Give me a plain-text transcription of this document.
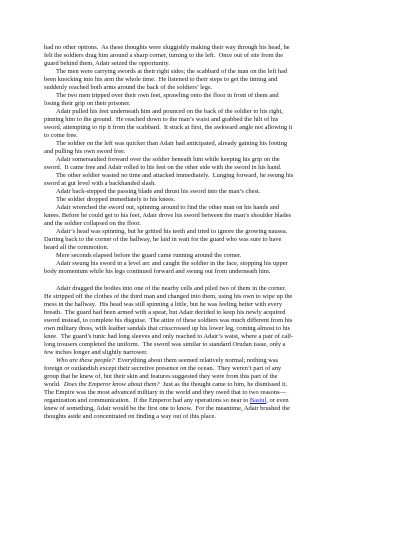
had no other options.  As these thoughts were sluggishly making their way through his head, he

felt the soldiers drag him around a sharp corner, turning to the left.  Once out of site from the

guard behind them, Adair seized the opportunity.

The men were carrying swords at their right sides; the scabbard of the man on the left had

been knocking into his arm the whole time.  He listened to their steps to get the timing and

suddenly reached both arms around the back of the soldiers’ legs.

The two men tripped over their own feet, sprawling onto the floor in front of them and

losing their grip on their prisoner.

Adair pulled his feet underneath him and pounced on the back of the soldier to his right,

pinning him to the ground.  He reached down to the man’s waist and grabbed the hilt of his

sword, attempting to rip it from the scabbard.  It stuck at first, the awkward angle not allowing it

to come free.

The soldier on the left was quicker than Adair had anticipated, already gaining his footing

and pulling his own sword free.

Adair somersaulted forward over the soldier beneath him while keeping his grip on the

sword.  It came free and Adair rolled to his feet on the other side with the sword in his hand.

The other soldier wasted no time and attacked immediately.  Lunging forward, he swung his

sword at gut level with a backhanded slash.

Adair back-stepped the passing blade and thrust his sword into the man’s chest.

The soldier dropped immediately to his knees.

Adair wrenched the sword out, spinning around to find the other man on his hands and

knees. Before he could get to his feet, Adair drove his sword between the man’s shoulder blades

and the soldier collapsed on the floor.

Adair’s head was spinning, but he gritted his teeth and tried to ignore the growing nausea.

Darting back to the corner of the hallway, he laid in wait for the guard who was sure to have

heard all the commotion.

Mere seconds elapsed before the guard came running around the corner.

Adair swung his sword in a level arc and caught the soldier in the face, stopping his upper

body momentum while his legs continued forward and swung out from underneath him.

Adair dragged the bodies into one of the nearby cells and piled two of them in the corner.

He stripped off the clothes of the third man and changed into them, using his own to wipe up the

mess in the hallway.  His head was still spinning a little, but he was feeling better with every

breath.  The guard had been armed with a spear, but Adair decided to keep his newly acquired

sword instead, to complete his disguise.  The attire of these soldiers was much different from his

own military dress, with leather sandals that crisscrossed up his lower leg, coming almost to his

knee.  The guard’s tunic had long sleeves and only reached to Adair’s waist, where a pair of calf-

long trousers completed the uniform.  The sword was similar to standard Orudan issue, only a

few inches longer and slightly narrower.

Who are these people?  Everything about them seemed relatively normal; nothing was

foreign or outlandish except their secretive presence on the ocean.  They weren’t part of any

group that he knew of, but their skin and features suggested they were from this part of the

world.  Does the Emperor know about them?  Just as the thought came to him, he dismissed it.

The Empire was the most advanced military in the world and they owed that to two reasons—

organization and communication.  If the Emperor had any operations so near to Bastul, or even

knew of something, Adair would be the first one to know.  For the meantime, Adair brushed the

thoughts aside and concentrated on finding a way out of this place.
